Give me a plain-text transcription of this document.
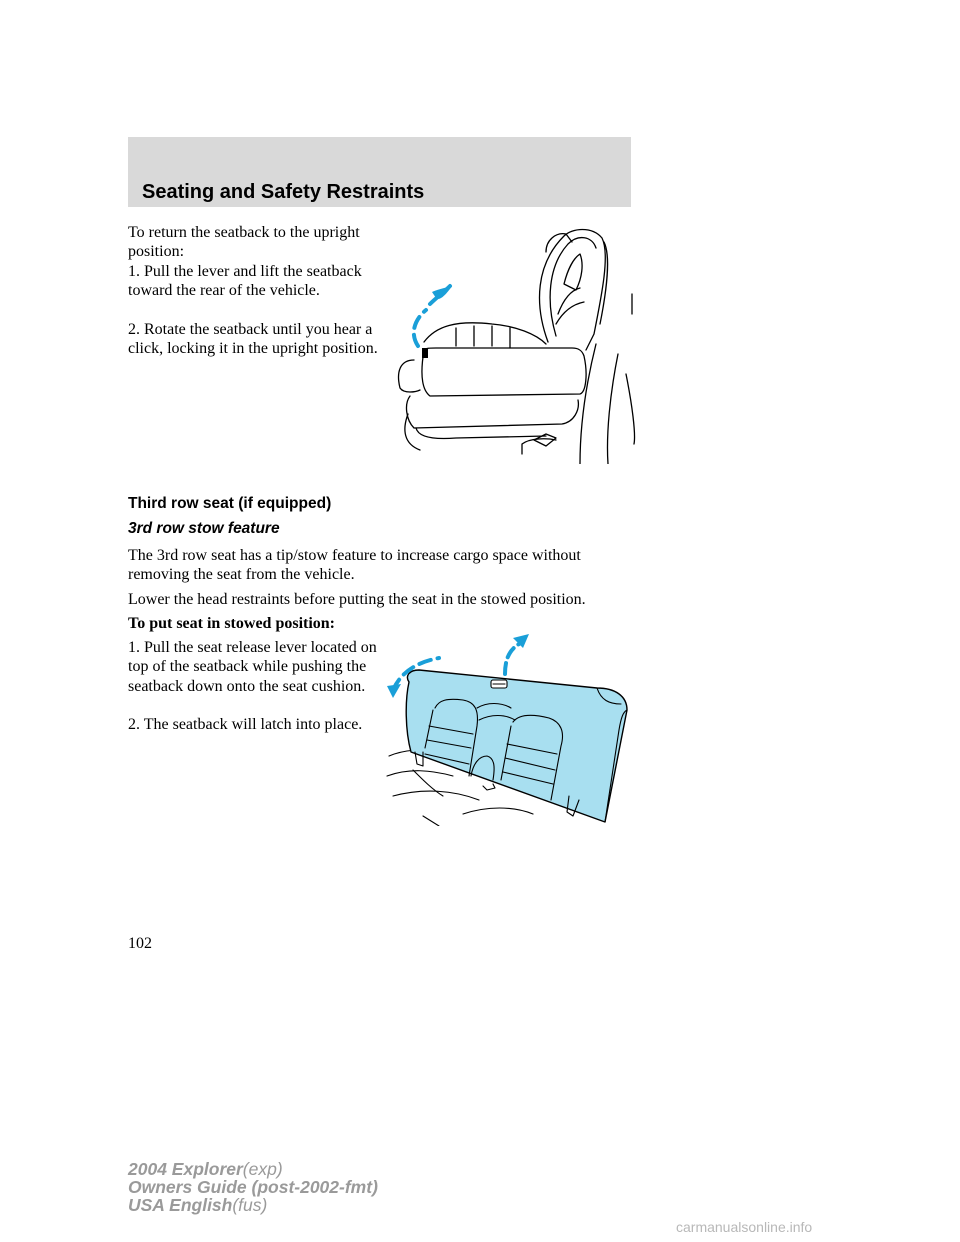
Seating and Safety Restraints

To return the seatback to the upright position:

1. Pull the lever and lift the seatback toward the rear of the vehicle.

2. Rotate the seatback until you hear a click, locking it in the upright position.

Third row seat (if equipped)

3rd row stow feature

The 3rd row seat has a tip/stow feature to increase cargo space without removing the seat from the vehicle.

Lower the head restraints before putting the seat in the stowed position.

To put seat in stowed position:

1. Pull the seat release lever located on top of the seatback while pushing the seatback down onto the seat cushion.

2. The seatback will latch into place.

102
2004 Explorer(exp)
Owners Guide (post-2002-fmt)
USA English(fus)
carmanualsonline.info
